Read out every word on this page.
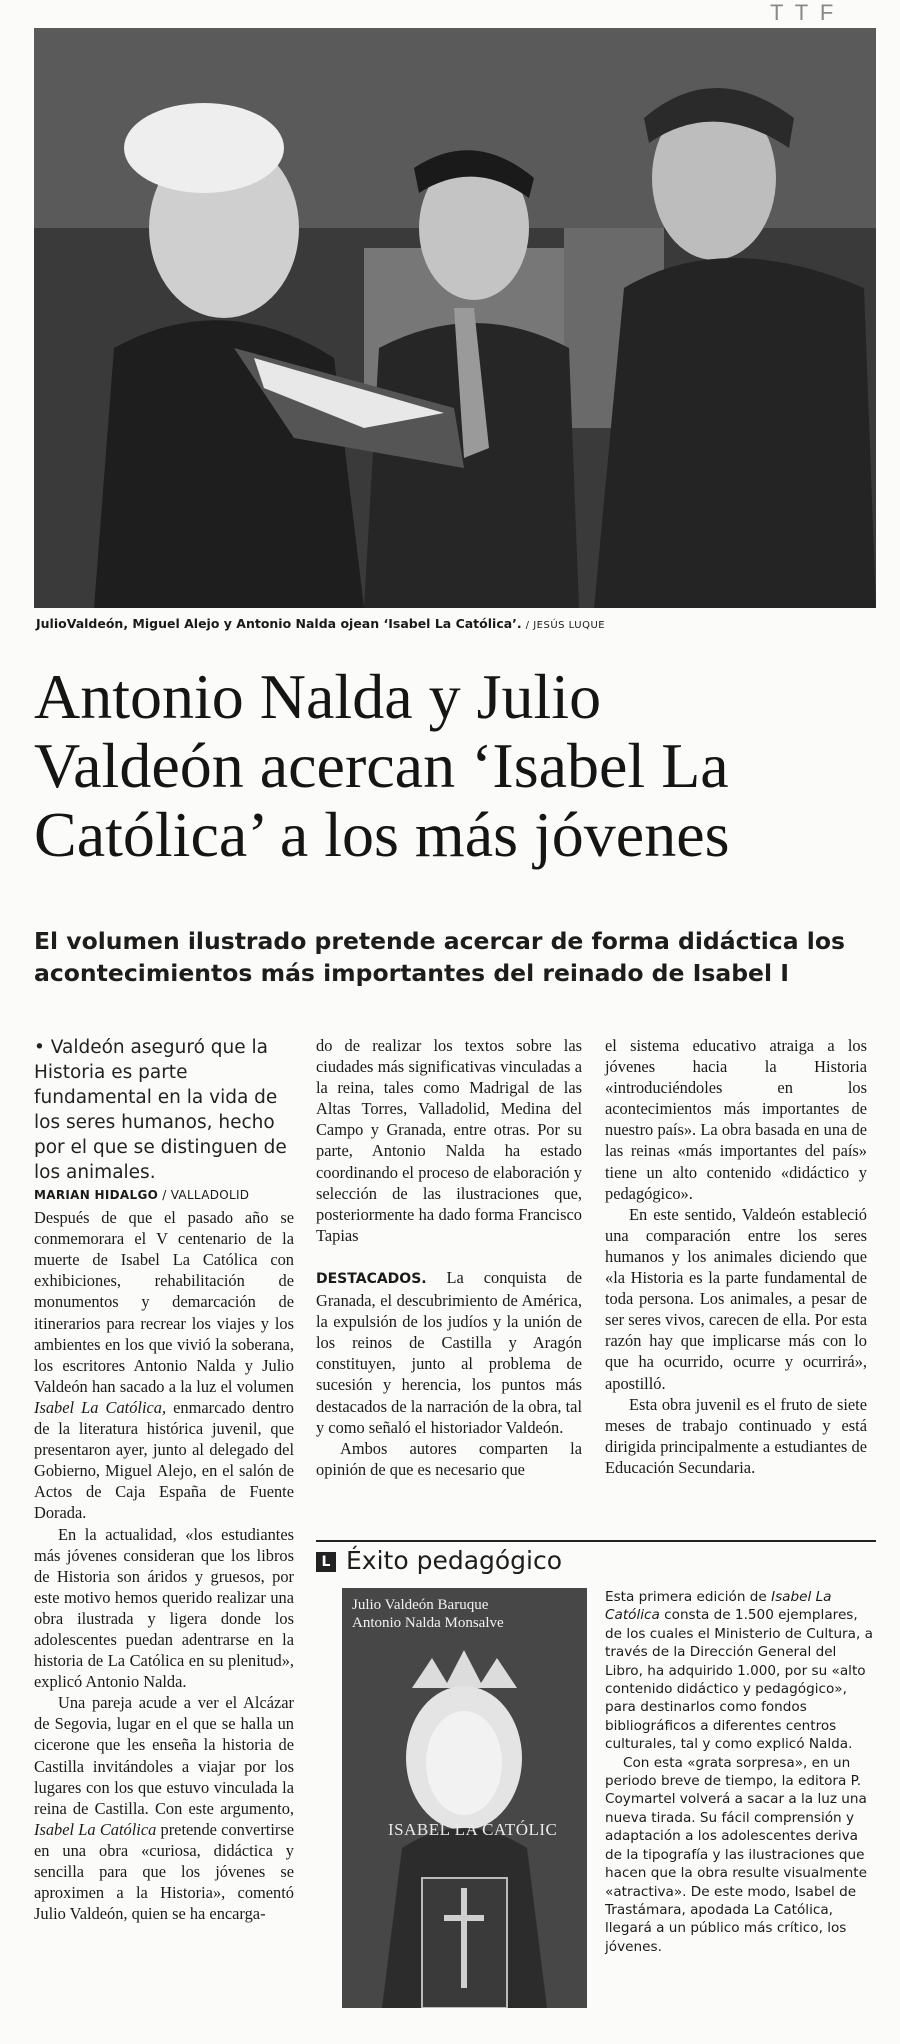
T T F
JulioValdeón, Miguel Alejo y Antonio Nalda ojean ‘Isabel La Católica’. / JESÚS LUQUE
Antonio Nalda y Julio
Valdeón acercan ‘Isabel La
Católica’ a los más jóvenes
El volumen ilustrado pretende acercar de forma didáctica los
acontecimientos más importantes del reinado de Isabel I

• Valdeón aseguró que la Historia es parte fundamental en la vida de los seres humanos, hecho por el que se distinguen de los animales.

MARIAN HIDALGO / VALLADOLID

Después de que el pasado año se conmemorara el V centenario de la muerte de Isabel La Católica con exhibiciones, rehabilitación de monumentos y demarcación de itinerarios para recrear los viajes y los ambientes en los que vivió la soberana, los escritores Antonio Nalda y Julio Valdeón han sacado a la luz el volumen Isabel La Católica, enmarcado dentro de la literatura histórica juvenil, que presentaron ayer, junto al delegado del Gobierno, Miguel Alejo, en el salón de Actos de Caja España de Fuente Dorada.

En la actualidad, «los estudiantes más jóvenes consideran que los libros de Historia son áridos y gruesos, por este motivo hemos querido realizar una obra ilustrada y ligera donde los adolescentes puedan adentrarse en la historia de La Católica en su plenitud», explicó Antonio Nalda.

Una pareja acude a ver el Alcázar de Segovia, lugar en el que se halla un cicerone que les enseña la historia de Castilla invitándoles a viajar por los lugares con los que estuvo vinculada la reina de Castilla. Con este argumento, Isabel La Católica pretende convertirse en una obra «curiosa, didáctica y sencilla para que los jóvenes se aproximen a la Historia», comentó Julio Valdeón, quien se ha encarga-

do de realizar los textos sobre las ciudades más significativas vinculadas a la reina, tales como Madrigal de las Altas Torres, Valladolid, Medina del Campo y Granada, entre otras. Por su parte, Antonio Nalda ha estado coordinando el proceso de elaboración y selección de las ilustraciones que, posteriormente ha dado forma Francisco Tapias

DESTACADOS. La conquista de Granada, el descubrimiento de América, la expulsión de los judíos y la unión de los reinos de Castilla y Aragón constituyen, junto al problema de sucesión y herencia, los puntos más destacados de la narración de la obra, tal y como señaló el historiador Valdeón.

Ambos autores comparten la opinión de que es necesario que

el sistema educativo atraiga a los jóvenes hacia la Historia «introduciéndoles en los acontecimientos más importantes de nuestro país». La obra basada en una de las reinas «más importantes del país» tiene un alto contenido «didáctico y pedagógico».

En este sentido, Valdeón estableció una comparación entre los seres humanos y los animales diciendo que «la Historia es la parte fundamental de toda persona. Los animales, a pesar de ser seres vivos, carecen de ella. Por esta razón hay que implicarse más con lo que ha ocurrido, ocurre y ocurrirá», apostilló.

Esta obra juvenil es el fruto de siete meses de trabajo continuado y está dirigida principalmente a estudiantes de Educación Secundaria.

L Éxito pedagógico
Julio Valdeón Baruque
Antonio Nalda Monsalve
ISABEL LA CATÓLIC

Esta primera edición de Isabel La Católica consta de 1.500 ejemplares, de los cuales el Ministerio de Cultura, a través de la Dirección General del Libro, ha adquirido 1.000, por su «alto contenido didáctico y pedagógico», para destinarlos como fondos bibliográficos a diferentes centros culturales, tal y como explicó Nalda.

Con esta «grata sorpresa», en un periodo breve de tiempo, la editora P. Coymartel volverá a sacar a la luz una nueva tirada. Su fácil comprensión y adaptación a los adolescentes deriva de la tipografía y las ilustraciones que hacen que la obra resulte visualmente «atractiva». De este modo, Isabel de Trastámara, apodada La Católica, llegará a un público más crítico, los jóvenes.
